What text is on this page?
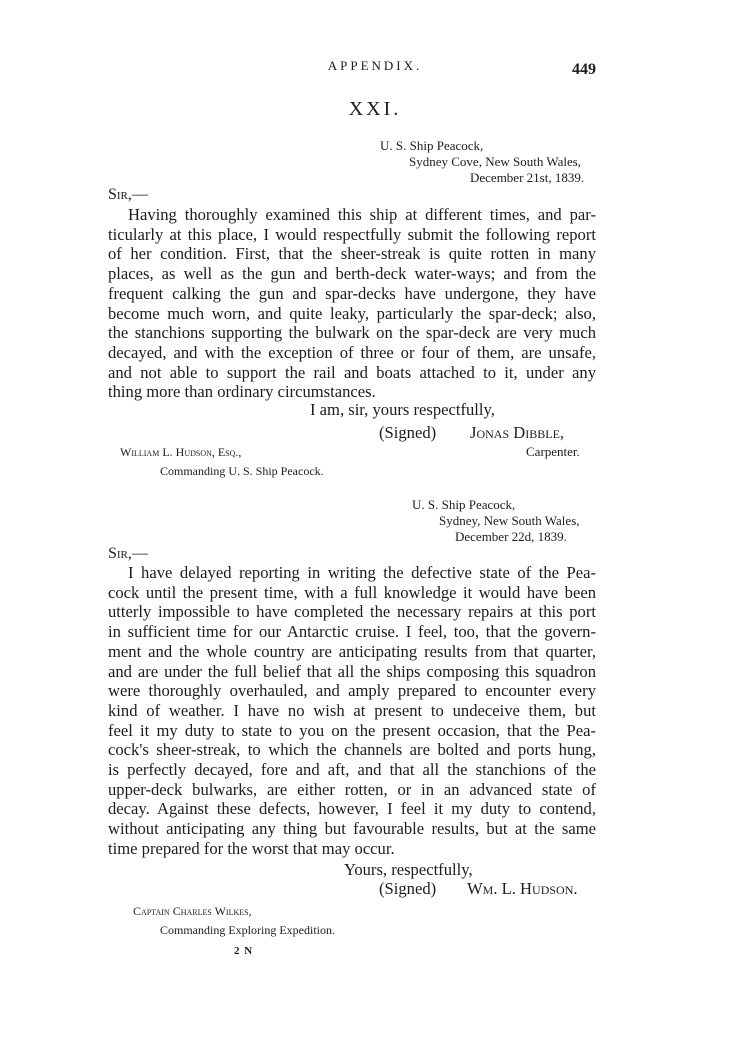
APPENDIX.	449
XXI.
U. S. Ship Peacock,
Sydney Cove, New South Wales,
December 21st, 1839.
Sir,—
Having thoroughly examined this ship at different times, and par-
ticularly at this place, I would respectfully submit the following report
of her condition. First, that the sheer-streak is quite rotten in many
places, as well as the gun and berth-deck water-ways; and from the
frequent calking the gun and spar-decks have undergone, they have
become much worn, and quite leaky, particularly the spar-deck; also,
the stanchions supporting the bulwark on the spar-deck are very much
decayed, and with the exception of three or four of them, are unsafe,
and not able to support the rail and boats attached to it, under any
thing more than ordinary circumstances.
I am, sir, yours respectfully,
(Signed) Jonas Dibble,
Carpenter.
William L. Hudson, Esq.,
Commanding U. S. Ship Peacock.
U. S. Ship Peacock,
Sydney, New South Wales,
December 22d, 1839.
Sir,—
I have delayed reporting in writing the defective state of the Pea-
cock until the present time, with a full knowledge it would have been
utterly impossible to have completed the necessary repairs at this port
in sufficient time for our Antarctic cruise. I feel, too, that the govern-
ment and the whole country are anticipating results from that quarter,
and are under the full belief that all the ships composing this squadron
were thoroughly overhauled, and amply prepared to encounter every
kind of weather. I have no wish at present to undeceive them, but
feel it my duty to state to you on the present occasion, that the Pea-
cock's sheer-streak, to which the channels are bolted and ports hung,
is perfectly decayed, fore and aft, and that all the stanchions of the
upper-deck bulwarks, are either rotten, or in an advanced state of
decay. Against these defects, however, I feel it my duty to contend,
without anticipating any thing but favourable results, but at the same
time prepared for the worst that may occur.
Yours, respectfully,
(Signed) Wm. L. Hudson.
Captain Charles Wilkes,
Commanding Exploring Expedition.
2 N
